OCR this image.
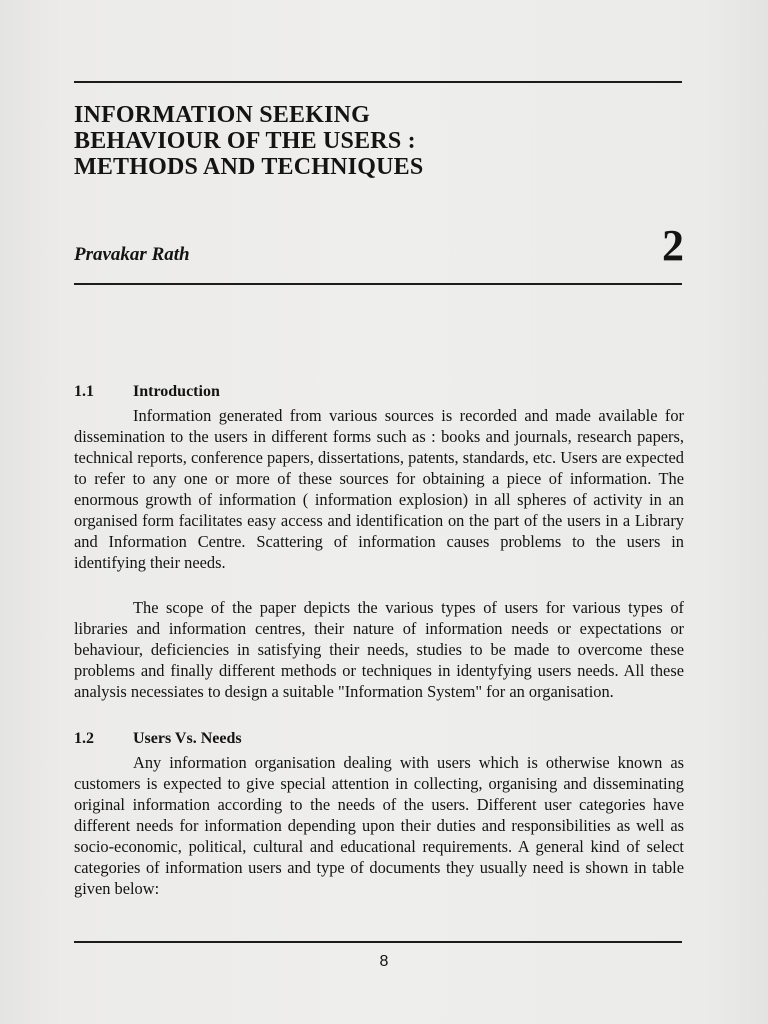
INFORMATION SEEKING
BEHAVIOUR OF THE USERS :
METHODS AND TECHNIQUES
Pravakar Rath	2
1.1 Introduction

Information generated from various sources is recorded and made available for dissemination to the users in different forms such as : books and journals, research papers, technical reports, conference papers, dissertations, patents, standards, etc. Users are expected to refer to any one or more of these sources for obtaining a piece of information. The enormous growth of information ( information explosion) in all spheres of activity in an organised form facilitates easy access and identification on the part of the users in a Library and Information Centre. Scattering of information causes problems to the users in identifying their needs.

The scope of the paper depicts the various types of users for various types of libraries and information centres, their nature of information needs or expectations or behaviour, deficiencies in satisfying their needs, studies to be made to overcome these problems and finally different methods or techniques in identyfying users needs. All these analysis necessiates to design a suitable "Information System" for an organisation.

1.2 Users Vs. Needs

Any information organisation dealing with users which is otherwise known as customers is expected to give special attention in collecting, organising and disseminating original information according to the needs of the users. Different user categories have different needs for information depending upon their duties and responsibilities as well as socio-economic, political, cultural and educational requirements. A general kind of select categories of information users and type of documents they usually need is shown in table given below:

8
